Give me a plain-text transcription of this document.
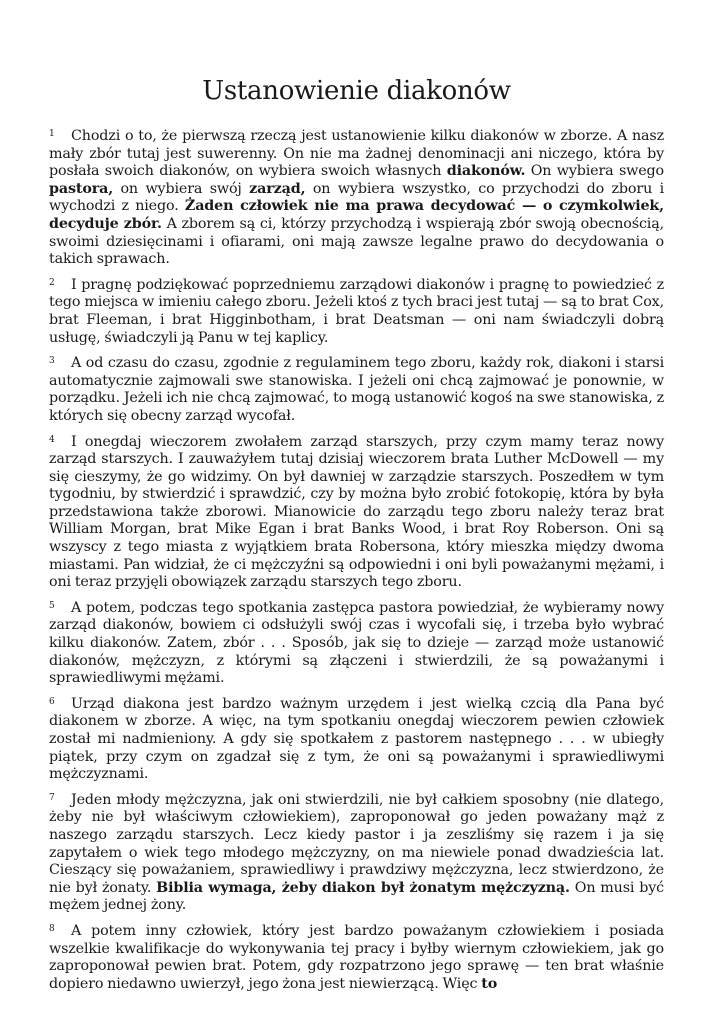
Ustanowienie diakonów

1 Chodzi o to, że pierwszą rzeczą jest ustanowienie kilku diakonów w zborze. A nasz mały zbór tutaj jest suwerenny. On nie ma żadnej denominacji ani niczego, która by posłała swoich diakonów, on wybiera swoich własnych diakonów. On wybiera swego pastora, on wybiera swój zarząd, on wybiera wszystko, co przychodzi do zboru i wychodzi z niego. Żaden człowiek nie ma prawa decydować — o czymkolwiek, decyduje zbór. A zborem są ci, którzy przychodzą i wspierają zbór swoją obecnością, swoimi dziesięcinami i ofiarami, oni mają zawsze legalne prawo do decydowania o takich sprawach.

2 I pragnę podziękować poprzedniemu zarządowi diakonów i pragnę to powiedzieć z tego miejsca w imieniu całego zboru. Jeżeli ktoś z tych braci jest tutaj — są to brat Cox, brat Fleeman, i brat Higginbotham, i brat Deatsman — oni nam świadczyli dobrą usługę, świadczyli ją Panu w tej kaplicy.

3 A od czasu do czasu, zgodnie z regulaminem tego zboru, każdy rok, diakoni i starsi automatycznie zajmowali swe stanowiska. I jeżeli oni chcą zajmować je ponownie, w porządku. Jeżeli ich nie chcą zajmować, to mogą ustanowić kogoś na swe stanowiska, z których się obecny zarząd wycofał.

4 I onegdaj wieczorem zwołałem zarząd starszych, przy czym mamy teraz nowy zarząd starszych. I zauważyłem tutaj dzisiaj wieczorem brata Luther McDowell — my się cieszymy, że go widzimy. On był dawniej w zarządzie starszych. Poszedłem w tym tygodniu, by stwierdzić i sprawdzić, czy by można było zrobić fotokopię, która by była przedstawiona także zborowi. Mianowicie do zarządu tego zboru należy teraz brat William Morgan, brat Mike Egan i brat Banks Wood, i brat Roy Roberson. Oni są wszyscy z tego miasta z wyjątkiem brata Robersona, który mieszka między dwoma miastami. Pan widział, że ci mężczyźni są odpowiedni i oni byli poważanymi mężami, i oni teraz przyjęli obowiązek zarządu starszych tego zboru.

5 A potem, podczas tego spotkania zastępca pastora powiedział, że wybieramy nowy zarząd diakonów, bowiem ci odsłużyli swój czas i wycofali się, i trzeba było wybrać kilku diakonów. Zatem, zbór . . . Sposób, jak się to dzieje — zarząd może ustanowić diakonów, mężczyzn, z którymi są złączeni i stwierdzili, że są poważanymi i sprawiedliwymi mężami.

6 Urząd diakona jest bardzo ważnym urzędem i jest wielką czcią dla Pana być diakonem w zborze. A więc, na tym spotkaniu onegdaj wieczorem pewien człowiek został mi nadmieniony. A gdy się spotkałem z pastorem następnego . . . w ubiegły piątek, przy czym on zgadzał się z tym, że oni są poważanymi i sprawiedliwymi mężczyznami.

7 Jeden młody mężczyzna, jak oni stwierdzili, nie był całkiem sposobny (nie dlatego, żeby nie był właściwym człowiekiem), zaproponował go jeden poważany mąż z naszego zarządu starszych. Lecz kiedy pastor i ja zeszliśmy się razem i ja się zapytałem o wiek tego młodego mężczyzny, on ma niewiele ponad dwadzieścia lat. Cieszący się poważaniem, sprawiedliwy i prawdziwy mężczyzna, lecz stwierdzono, że nie był żonaty. Biblia wymaga, żeby diakon był żonatym mężczyzną. On musi być mężem jednej żony.

8 A potem inny człowiek, który jest bardzo poważanym człowiekiem i posiada wszelkie kwalifikacje do wykonywania tej pracy i byłby wiernym człowiekiem, jak go zaproponował pewien brat. Potem, gdy rozpatrzono jego sprawę — ten brat właśnie dopiero niedawno uwierzył, jego żona jest niewierzącą. Więc to
